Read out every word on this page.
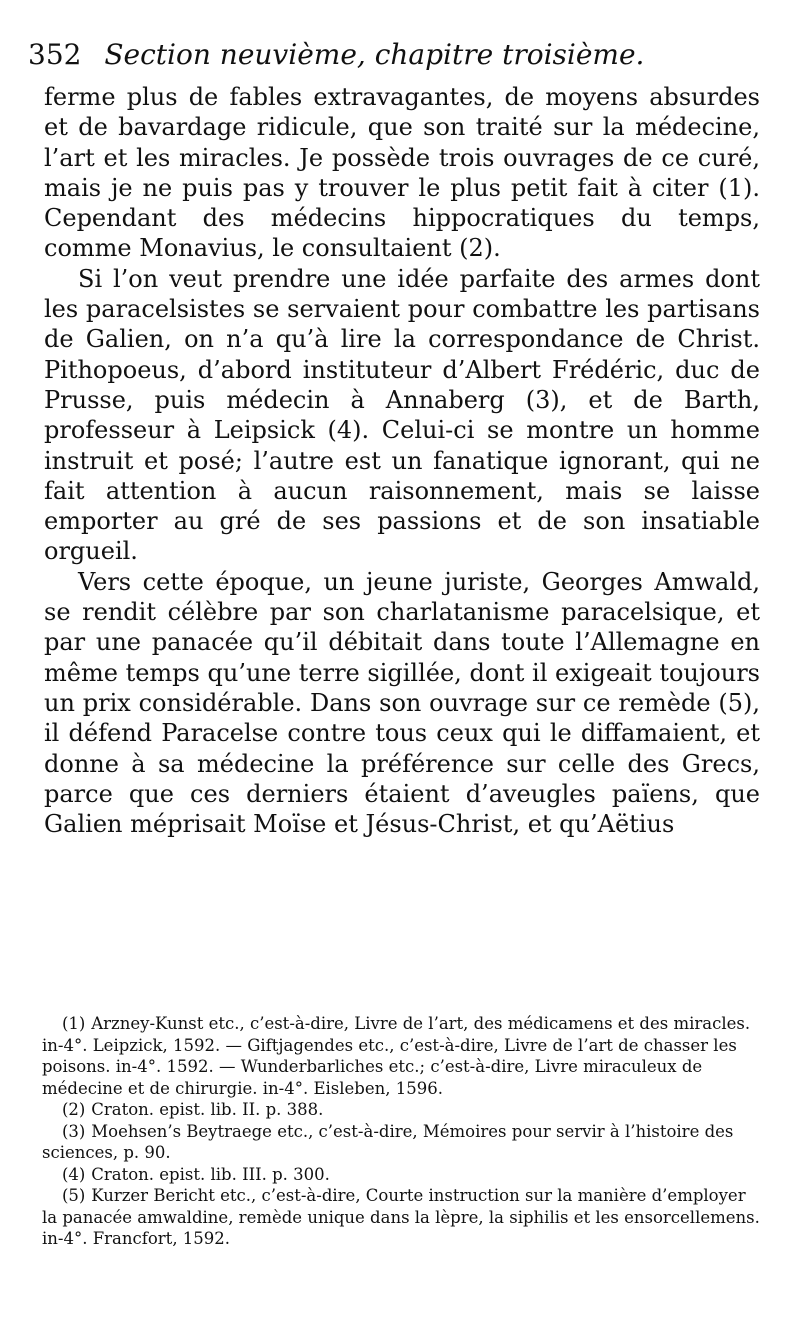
352 Section neuvième, chapitre troisième.

ferme plus de fables extravagantes, de moyens absurdes et de bavardage ridicule, que son traité sur la médecine, l’art et les miracles. Je possède trois ouvrages de ce curé, mais je ne puis pas y trouver le plus petit fait à citer (1). Cependant des médecins hippocratiques du temps, comme Monavius, le consultaient (2).

Si l’on veut prendre une idée parfaite des armes dont les paracelsistes se servaient pour combattre les partisans de Galien, on n’a qu’à lire la correspondance de Christ. Pithopoeus, d’abord instituteur d’Albert Frédéric, duc de Prusse, puis médecin à Annaberg (3), et de Barth, professeur à Leipsick (4). Celui-ci se montre un homme instruit et posé; l’autre est un fanatique ignorant, qui ne fait attention à aucun raisonnement, mais se laisse emporter au gré de ses passions et de son insatiable orgueil.

Vers cette époque, un jeune juriste, Georges Amwald, se rendit célèbre par son charlatanisme paracelsique, et par une panacée qu’il débitait dans toute l’Allemagne en même temps qu’une terre sigillée, dont il exigeait toujours un prix considérable. Dans son ouvrage sur ce remède (5), il défend Paracelse contre tous ceux qui le diffamaient, et donne à sa médecine la préférence sur celle des Grecs, parce que ces derniers étaient d’aveugles païens, que Galien méprisait Moïse et Jésus-Christ, et qu’Aëtius

(1) Arzney-Kunst etc., c’est-à-dire, Livre de l’art, des médicamens et des miracles. in-4°. Leipzick, 1592. — Giftjagendes etc., c’est-à-dire, Livre de l’art de chasser les poisons. in-4°. 1592. — Wunderbarliches etc.; c’est-à-dire, Livre miraculeux de médecine et de chirurgie. in-4°. Eisleben, 1596.

(2) Craton. epist. lib. II. p. 388.

(3) Moehsen’s Beytraege etc., c’est-à-dire, Mémoires pour servir à l’histoire des sciences, p. 90.

(4) Craton. epist. lib. III. p. 300.

(5) Kurzer Bericht etc., c’est-à-dire, Courte instruction sur la manière d’employer la panacée amwaldine, remède unique dans la lèpre, la siphilis et les ensorcellemens. in-4°. Francfort, 1592.
